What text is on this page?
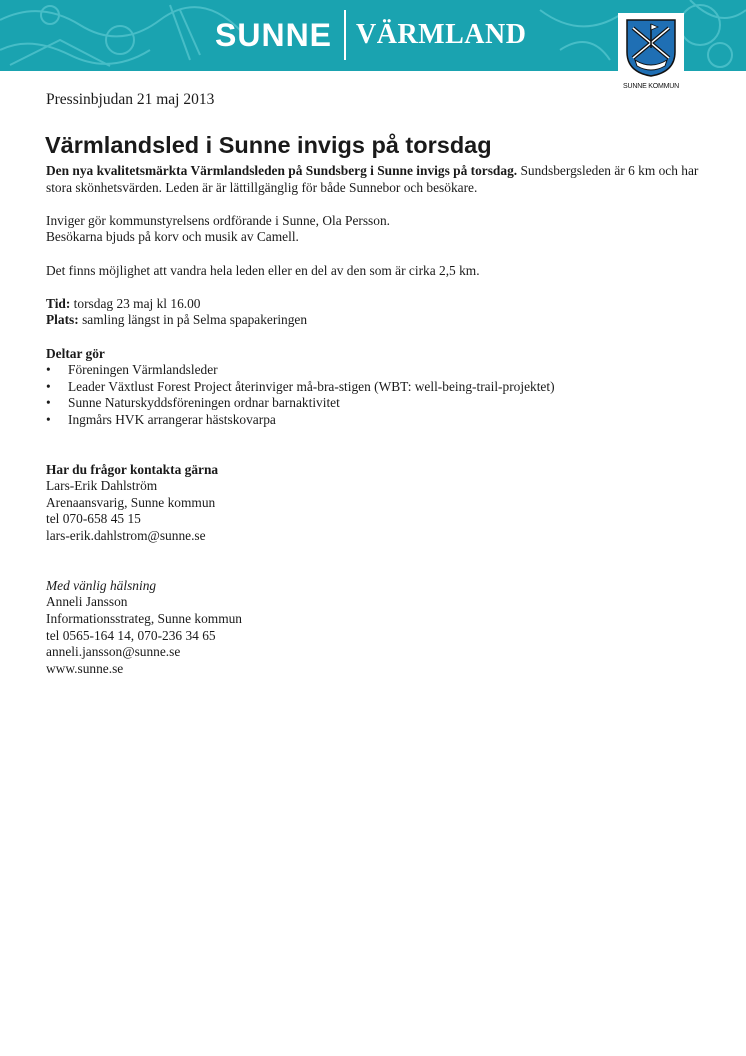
SUNNE VÄRMLAND
SUNNE KOMMUN
Pressinbjudan 21 maj 2013
Värmlandsled i Sunne invigs på torsdag

Den nya kvalitetsmärkta Värmlandsleden på Sundsberg i Sunne invigs på torsdag. Sundsbergsleden är 6 km och har stora skönhetsvärden. Leden är är lättillgänglig för både Sunnebor och besökare.

Inviger gör kommunstyrelsens ordförande i Sunne, Ola Persson.
Besökarna bjuds på korv och musik av Camell.

Det finns möjlighet att vandra hela leden eller en del av den som är cirka 2,5 km.

Tid: torsdag 23 maj kl 16.00
Plats: samling längst in på Selma spapakeringen

Deltar gör
• Föreningen Värmlandsleder
• Leader Växtlust Forest Project återinviger må-bra-stigen (WBT: well-being-trail-projektet)
• Sunne Naturskyddsföreningen ordnar barnaktivitet
• Ingmårs HVK arrangerar hästskovarpa

Har du frågor kontakta gärna
Lars-Erik Dahlström
Arenaansvarig, Sunne kommun
tel 070-658 45 15
lars-erik.dahlstrom@sunne.se

Med vänlig hälsning
Anneli Jansson
Informationsstrateg, Sunne kommun
tel 0565-164 14, 070-236 34 65
anneli.jansson@sunne.se
www.sunne.se
